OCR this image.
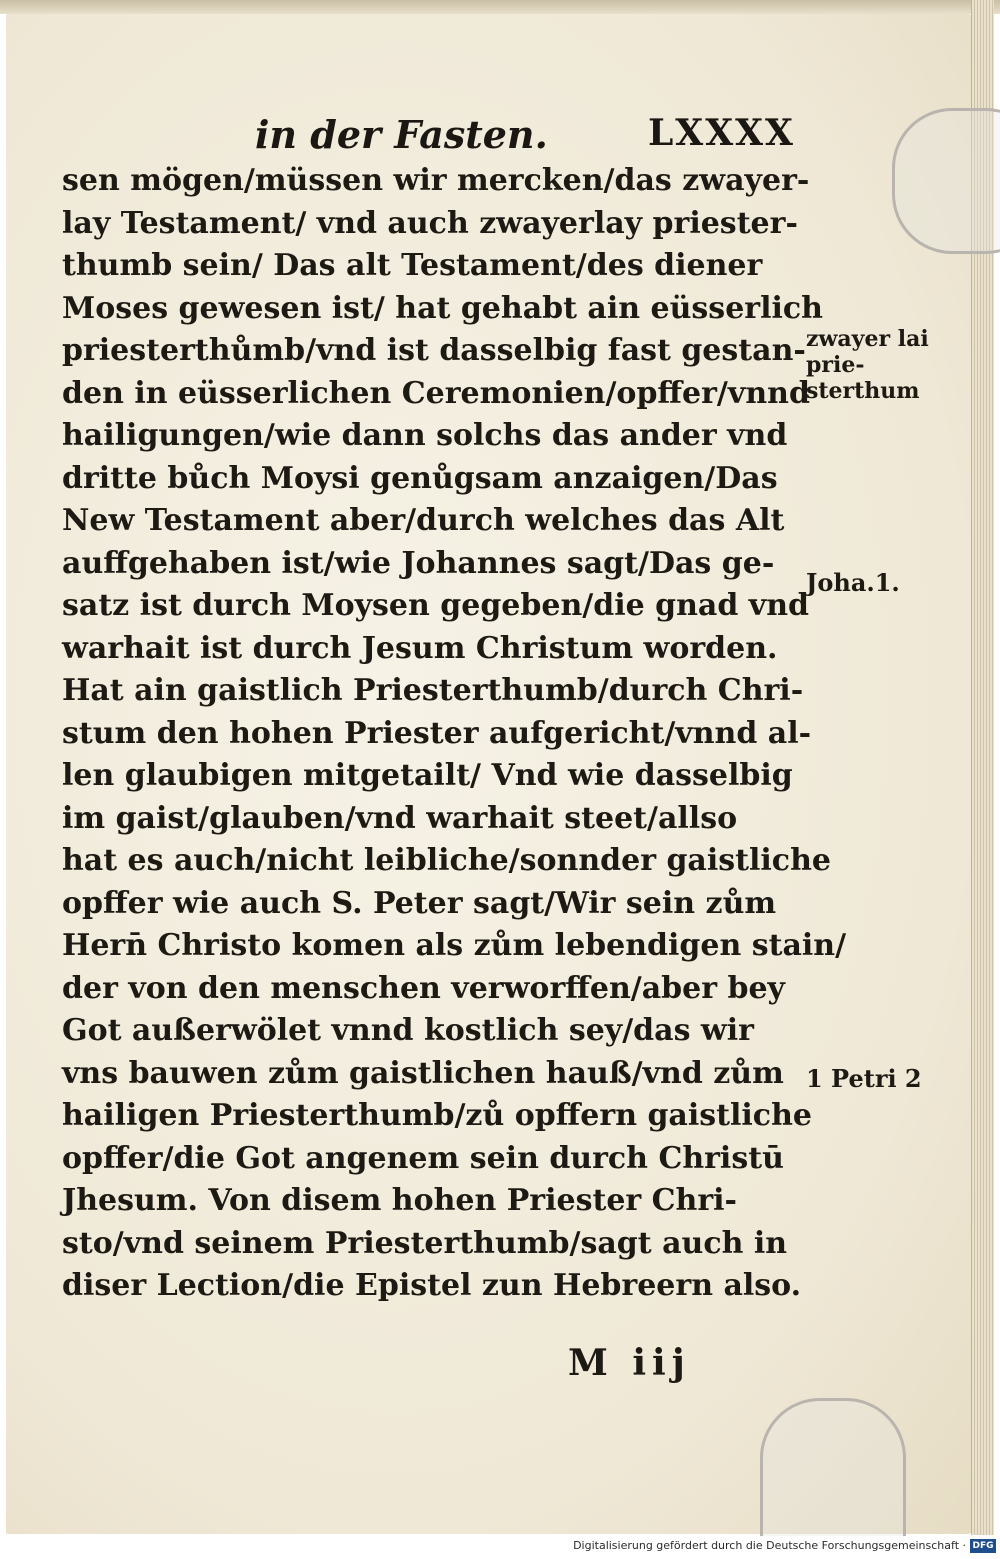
in der Fasten.	LXXXX
sen mögen/müssen wir mercken/das zwayer-
lay Testament/ vnd auch zwayerlay priester-
thumb sein/ Das alt Testament/des diener
Moses gewesen ist/ hat gehabt ain eüsserlich
priesterthůmb/vnd ist dasselbig fast gestan-
den in eüsserlichen Ceremonien/opffer/vnnd
hailigungen/wie dann solchs das ander vnd
dritte bůch Moysi genůgsam anzaigen/Das
New Testament aber/durch welches das Alt
auffgehaben ist/wie Johannes sagt/Das ge-
satz ist durch Moysen gegeben/die gnad vnd
warhait ist durch Jesum Christum worden.
Hat ain gaistlich Priesterthumb/durch Chri-
stum den hohen Priester aufgericht/vnnd al-
len glaubigen mitgetailt/ Vnd wie dasselbig
im gaist/glauben/vnd warhait steet/allso
hat es auch/nicht leibliche/sonnder gaistliche
opffer wie auch S. Peter sagt/Wir sein zům
Hern̄ Christo komen als zům lebendigen stain/
der von den menschen verworffen/aber bey
Got außerwölet vnnd kostlich sey/das wir
vns bauwen zům gaistlichen hauß/vnd zům
hailigen Priesterthumb/zů opffern gaistliche
opffer/die Got angenem sein durch Christū
Jhesum. Von disem hohen Priester Chri-
sto/vnd seinem Priesterthumb/sagt auch in
diser Lection/die Epistel zun Hebreern also.
zwayer lai prie- sterthum
Joha.1.
1 Petri 2
M iij
Digitalisierung gefördert durch die Deutsche Forschungsgemeinschaft · DFG
